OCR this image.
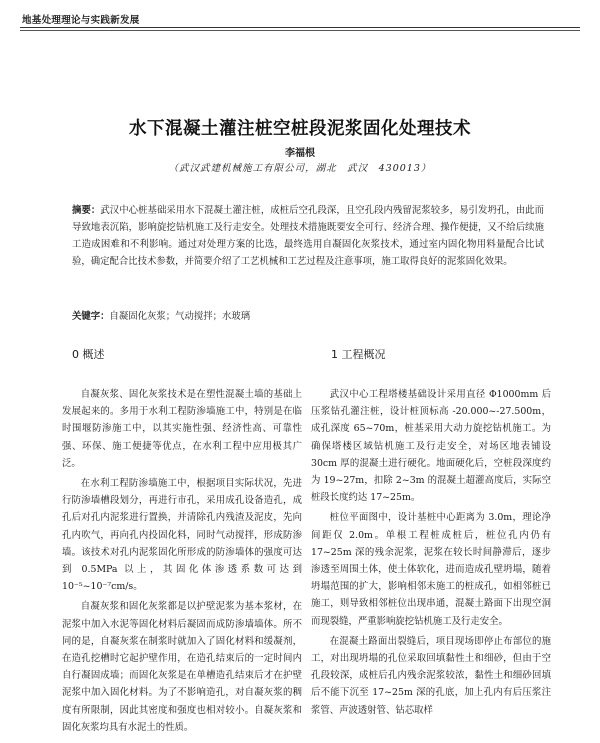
地基处理理论与实践新发展
水下混凝土灌注桩空桩段泥浆固化处理技术
李福根
（武汉武建机械施工有限公司，湖北　武汉　430013）
摘要：武汉中心桩基础采用水下混凝土灌注桩，成桩后空孔段深，且空孔段内残留泥浆较多，易引发坍孔，由此而导致地表沉陷，影响旋挖钻机施工及行走安全。处理技术措施既要安全可行、经济合理、操作便捷，又不给后续施工造成困难和不利影响。通过对处理方案的比选，最终选用自凝固化灰浆技术，通过室内固化物用料量配合比试验，确定配合比技术参数，并简要介绍了工艺机械和工艺过程及注意事项，施工取得良好的泥浆固化效果。
关键字：自凝固化灰浆；气动搅拌；水玻璃
0 概述

自凝灰浆、固化灰浆技术是在塑性混凝土墙的基础上发展起来的。多用于水利工程防渗墙施工中，特别是在临时围堰防渗施工中，以其实施性强、经济性高、可靠性强、环保、施工便捷等优点，在水利工程中应用极其广泛。

在水利工程防渗墙施工中，根据项目实际状况，先进行防渗墙槽段划分，再进行市孔，采用成孔设备造孔，成孔后对孔内泥浆进行置换，并清除孔内残渣及泥皮，先向孔内吹气，再向孔内投固化料，同时气动搅拌，形成防渗墙。该技术对孔内泥浆固化所形成的防渗墙体的强度可达到 0.5MPa 以上，其固化体渗透系数可达到 10⁻⁵~10⁻⁷cm/s。

自凝灰浆和固化灰浆都是以护壁泥浆为基本浆材，在泥浆中加入水泥等固化材料后凝固而成防渗墙墙体。所不同的是，自凝灰浆在制浆时就加入了固化材料和缓凝剂，在造孔挖槽时它起护壁作用，在造孔结束后的一定时间内自行凝固成墙；而固化灰浆是在单槽造孔结束后才在护壁泥浆中加入固化材料。为了不影响造孔，对自凝灰浆的稠度有所限制，因此其密度和强度也相对较小。自凝灰浆和固化灰浆均具有水泥土的性质。

1 工程概况

武汉中心工程塔楼基础设计采用直径 Φ1000mm 后压浆钻孔灌注桩，设计桩顶标高 -20.000~-27.500m，成孔深度 65~70m，桩基采用大动力旋挖钻机施工。为确保塔楼区域钻机施工及行走安全，对场区地表铺设 30cm 厚的混凝土进行硬化。地面硬化后，空桩段深度约为 19~27m，扣除 2~3m 的混凝土超灌高度后，实际空桩段长度约达 17~25m。

桩位平面图中，设计基桩中心距离为 3.0m，理论净间距仅 2.0m。单根工程桩成桩后，桩位孔内仍有 17~25m 深的残余泥浆，泥浆在较长时间静滞后，逐步渗透至周围土体，使土体软化，进而造成孔壁坍塌，随着坍塌范围的扩大，影响相邻未施工的桩成孔，如相邻桩已施工，则导致相邻桩位出现串通，混凝土路面下出现空洞而现裂缝，严重影响旋挖钻机施工及行走安全。

在混凝土路面出裂缝后，项目现场即停止布部位的施工，对出现坍塌的孔位采取回填黏性土和细砂，但由于空孔段较深，成桩后孔内残余泥浆较浓，黏性土和细砂回填后不能下沉至 17~25m 深的孔底，加上孔内有后压浆注浆管、声波透射管、钻芯取样
